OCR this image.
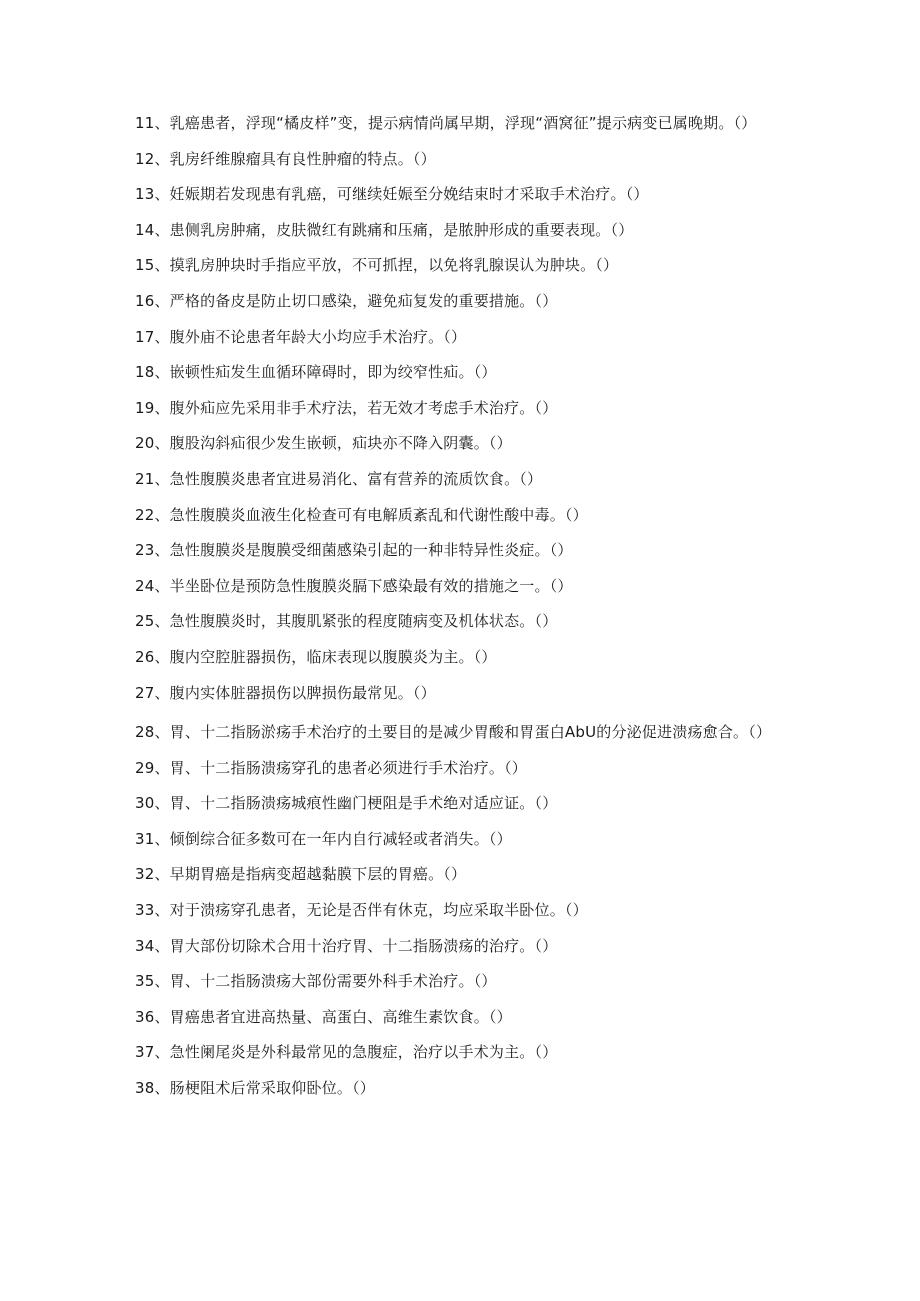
11、乳癌患者，浮现“橘皮样”变，提示病情尚属早期，浮现“酒窝征”提示病变已属晚期。（）
12、乳房纤维腺瘤具有良性肿瘤的特点。（）
13、妊娠期若发现患有乳癌，可继续妊娠至分娩结束时才采取手术治疗。（）
14、患侧乳房肿痛，皮肤微红有跳痛和压痛，是脓肿形成的重要表现。（）
15、摸乳房肿块时手指应平放，不可抓捏，以免将乳腺误认为肿块。（）
16、严格的备皮是防止切口感染，避免疝复发的重要措施。（）
17、腹外庙不论患者年龄大小均应手术治疗。（）
18、嵌顿性疝发生血循环障碍时，即为绞窄性疝。（）
19、腹外疝应先采用非手术疗法，若无效才考虑手术治疗。（）
20、腹股沟斜疝很少发生嵌顿，疝块亦不降入阴囊。（）
21、急性腹膜炎患者宜进易消化、富有营养的流质饮食。（）
22、急性腹膜炎血液生化检查可有电解质紊乱和代谢性酸中毒。（）
23、急性腹膜炎是腹膜受细菌感染引起的一种非特异性炎症。（）
24、半坐卧位是预防急性腹膜炎膈下感染最有效的措施之一。（）
25、急性腹膜炎时，其腹肌紧张的程度随病变及机体状态。（）
26、腹内空腔脏器损伤，临床表现以腹膜炎为主。（）
27、腹内实体脏器损伤以脾损伤最常见。（）
28、胃、十二指肠淤疡手术治疗的土要目的是减少胃酸和胃蛋白AbU的分泌促进溃疡愈合。（）
29、胃、十二指肠溃疡穿孔的患者必须进行手术治疗。（）
30、胃、十二指肠溃疡城痕性幽门梗阻是手术绝对适应证。（）
31、倾倒综合征多数可在一年内自行减轻或者消失。（）
32、早期胃癌是指病变超越黏膜下层的胃癌。（）
33、对于溃疡穿孔患者，无论是否伴有休克，均应采取半卧位。（）
34、胃大部份切除术合用十治疗胃、十二指肠溃疡的治疗。（）
35、胃、十二指肠溃疡大部份需要外科手术治疗。（）
36、胃癌患者宜进高热量、高蛋白、高维生素饮食。（）
37、急性阑尾炎是外科最常见的急腹症，治疗以手术为主。（）
38、肠梗阻术后常采取仰卧位。（）
